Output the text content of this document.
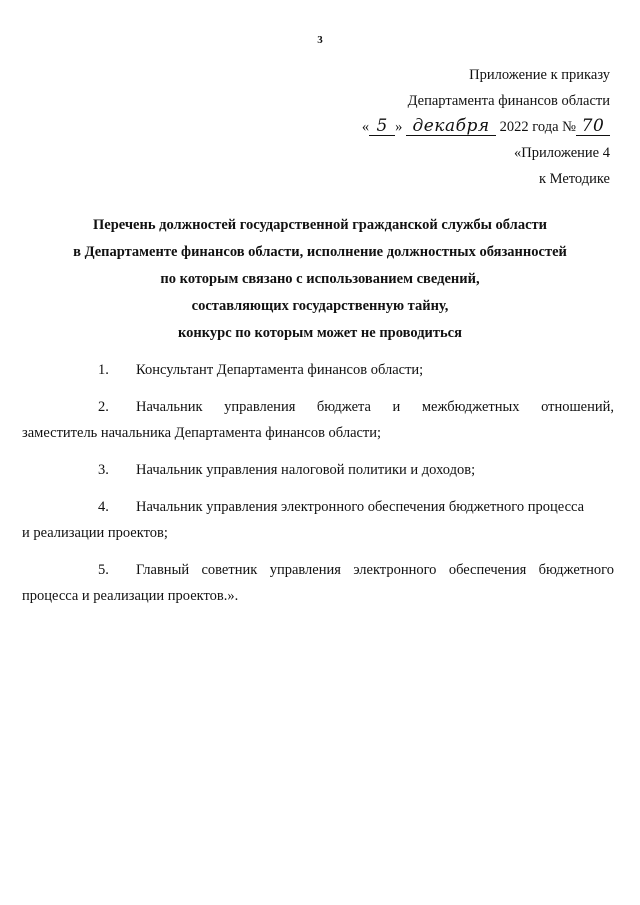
3
Приложение к приказу
Департамента финансов области
« 5 » декабря 2022 года № 70
«Приложение 4
к Методике
Перечень должностей государственной гражданской службы области
в Департаменте финансов области, исполнение должностных обязанностей
по которым связано с использованием сведений,
составляющих государственную тайну,
конкурс по которым может не проводиться
1. Консультант Департамента финансов области;
2.	Начальник управления бюджета и межбюджетных отношений,
заместитель начальника Департамента финансов области;
3. Начальник управления налоговой политики и доходов;
4. Начальник управления электронного обеспечения бюджетного процесса
и реализации проектов;
5.	Главный советник управления электронного обеспечения бюджетного
процесса и реализации проектов.».
